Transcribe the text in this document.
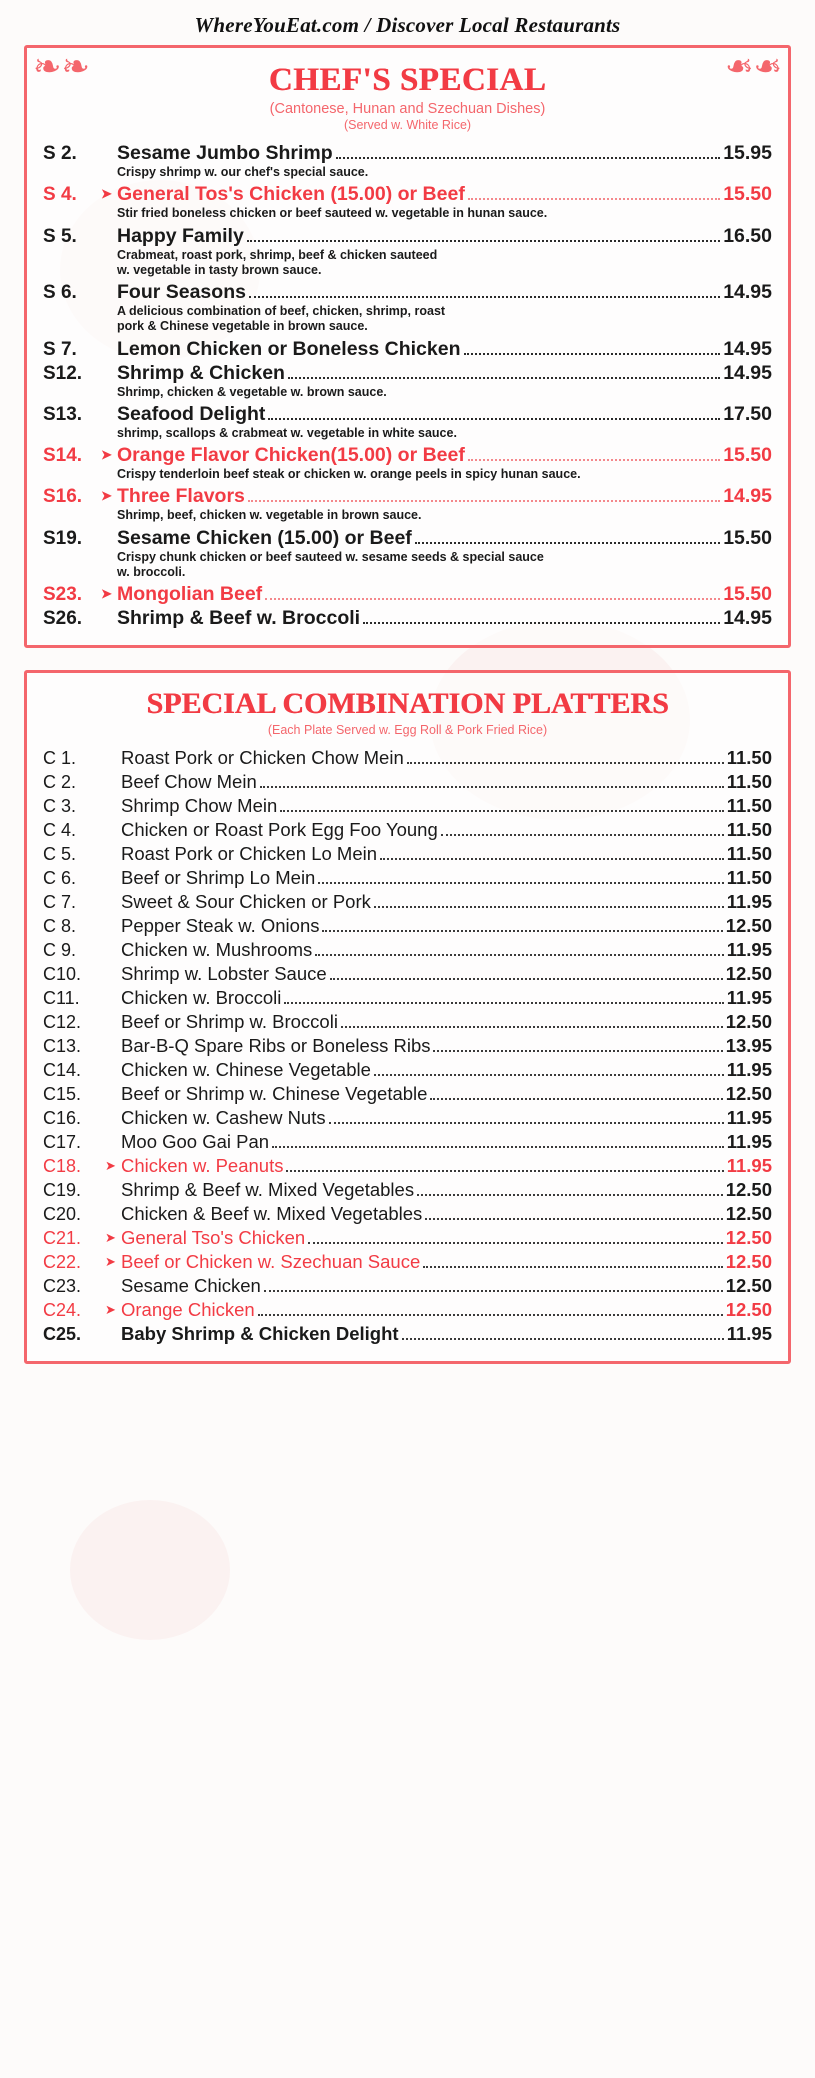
WhereYouEat.com / Discover Local Restaurants
❧❧	❧❧
CHEF'S SPECIAL
(Cantonese, Hunan and Szechuan Dishes)
(Served w. White Rice)
S 2.
	Sesame Jumbo Shrimp	15.95
Crispy shrimp w. our chef's special sauce.
S 4.	➤ General Tos's Chicken (15.00) or Beef	15.50
Stir fried boneless chicken or beef sauteed w. vegetable in hunan sauce.
S 5.
	Happy Family	16.50
Crabmeat, roast pork, shrimp, beef & chicken sauteed
w. vegetable in tasty brown sauce.
S 6.
	Four Seasons	14.95
A delicious combination of beef, chicken, shrimp, roast
pork & Chinese vegetable in brown sauce.
S 7.
	Lemon Chicken or Boneless Chicken	14.95
S12.
	Shrimp & Chicken	14.95
Shrimp, chicken & vegetable w. brown sauce.
S13.
	Seafood Delight	17.50
shrimp, scallops & crabmeat w. vegetable in white sauce.
S14.	➤ Orange Flavor Chicken(15.00) or Beef	15.50
Crispy tenderloin beef steak or chicken w. orange peels in spicy hunan sauce.
S16.	➤ Three Flavors	14.95
Shrimp, beef, chicken w. vegetable in brown sauce.
S19.
	Sesame Chicken (15.00) or Beef	15.50
Crispy chunk chicken or beef sauteed w. sesame seeds & special sauce
w. broccoli.
S23.	➤ Mongolian Beef	15.50
S26.
	Shrimp & Beef w. Broccoli	14.95
SPECIAL COMBINATION PLATTERS
(Each Plate Served w. Egg Roll & Pork Fried Rice)
C 1.
	Roast Pork or Chicken Chow Mein	11.50
C 2.
	Beef Chow Mein	11.50
C 3.
	Shrimp Chow Mein	11.50
C 4.
	Chicken or Roast Pork Egg Foo Young	11.50
C 5.
	Roast Pork or Chicken Lo Mein	11.50
C 6.
	Beef or Shrimp Lo Mein	11.50
C 7.
	Sweet & Sour Chicken or Pork	11.95
C 8.
	Pepper Steak w. Onions	12.50
C 9.
	Chicken w. Mushrooms	11.95
C10.
	Shrimp w. Lobster Sauce	12.50
C11.
	Chicken w. Broccoli	11.95
C12.
	Beef or Shrimp w. Broccoli	12.50
C13.
	Bar-B-Q Spare Ribs or Boneless Ribs	13.95
C14.
	Chicken w. Chinese Vegetable	11.95
C15.
	Beef or Shrimp w. Chinese Vegetable	12.50
C16.
	Chicken w. Cashew Nuts	11.95
C17.
	Moo Goo Gai Pan	11.95
C18.	➤ Chicken w. Peanuts	11.95
C19.
	Shrimp & Beef w. Mixed Vegetables	12.50
C20.
	Chicken & Beef w. Mixed Vegetables	12.50
C21.	➤ General Tso's Chicken	12.50
C22.	➤ Beef or Chicken w. Szechuan Sauce	12.50
C23.
	Sesame Chicken	12.50
C24.	➤ Orange Chicken	12.50
C25.
	Baby Shrimp & Chicken Delight	11.95
